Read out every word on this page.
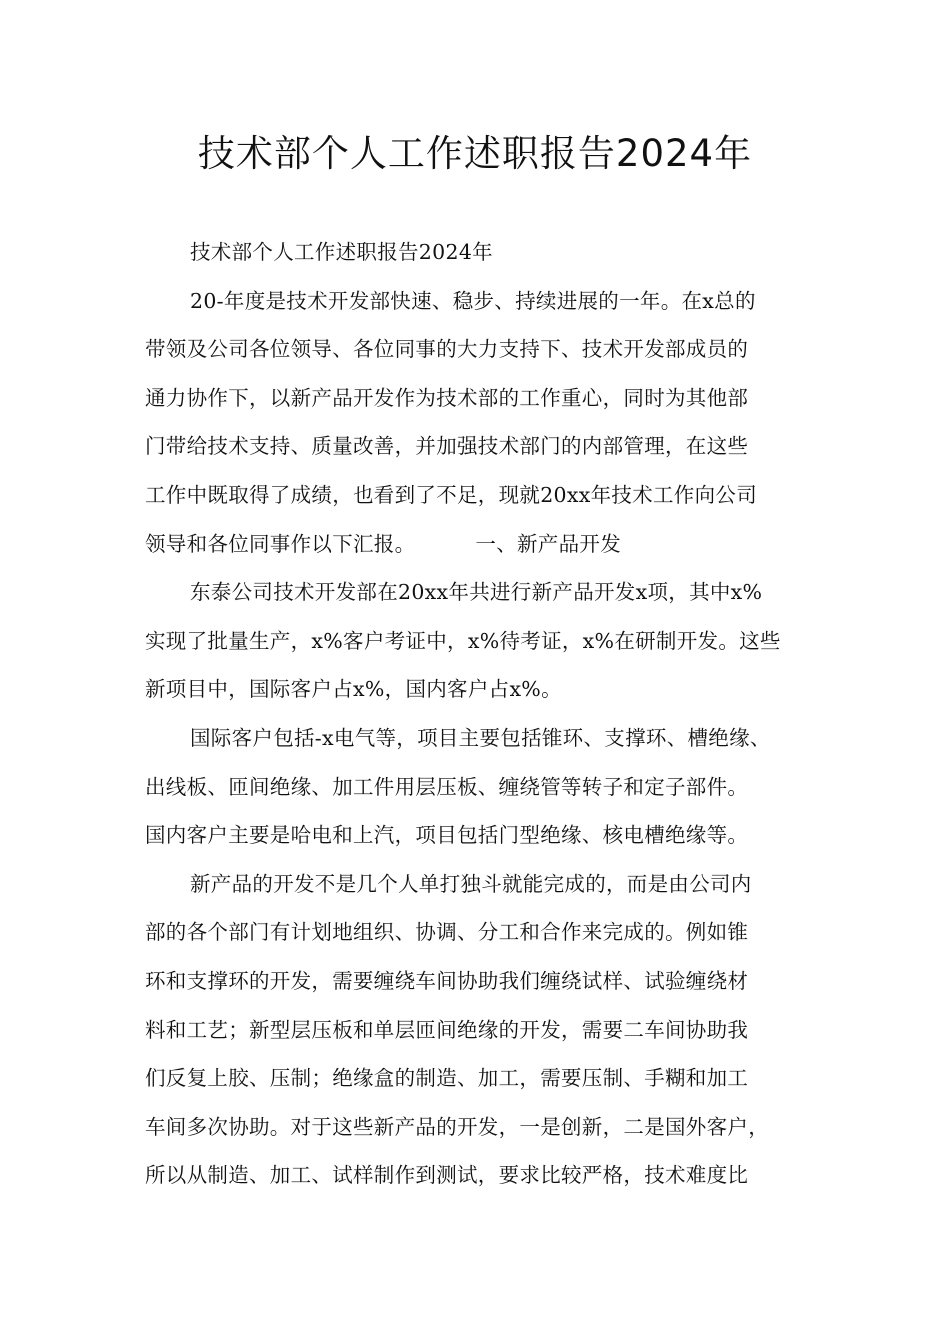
技术部个人工作述职报告2024年
技术部个人工作述职报告2024年
20-年度是技术开发部快速、稳步、持续进展的一年。在x总的
带领及公司各位领导、各位同事的大力支持下、技术开发部成员的
通力协作下，以新产品开发作为技术部的工作重心，同时为其他部
门带给技术支持、质量改善，并加强技术部门的内部管理，在这些
工作中既取得了成绩，也看到了不足，现就20xx年技术工作向公司
领导和各位同事作以下汇报。	一、新产品开发
东泰公司技术开发部在20xx年共进行新产品开发x项，其中x%
实现了批量生产，x%客户考证中，x%待考证，x%在研制开发。这些
新项目中，国际客户占x%，国内客户占x%。
国际客户包括-x电气等，项目主要包括锥环、支撑环、槽绝缘、
出线板、匝间绝缘、加工件用层压板、缠绕管等转子和定子部件。
国内客户主要是哈电和上汽，项目包括门型绝缘、核电槽绝缘等。
新产品的开发不是几个人单打独斗就能完成的，而是由公司内
部的各个部门有计划地组织、协调、分工和合作来完成的。例如锥
环和支撑环的开发，需要缠绕车间协助我们缠绕试样、试验缠绕材
料和工艺；新型层压板和单层匝间绝缘的开发，需要二车间协助我
们反复上胶、压制；绝缘盒的制造、加工，需要压制、手糊和加工
车间多次协助。对于这些新产品的开发，一是创新，二是国外客户，
所以从制造、加工、试样制作到测试，要求比较严格，技术难度比
